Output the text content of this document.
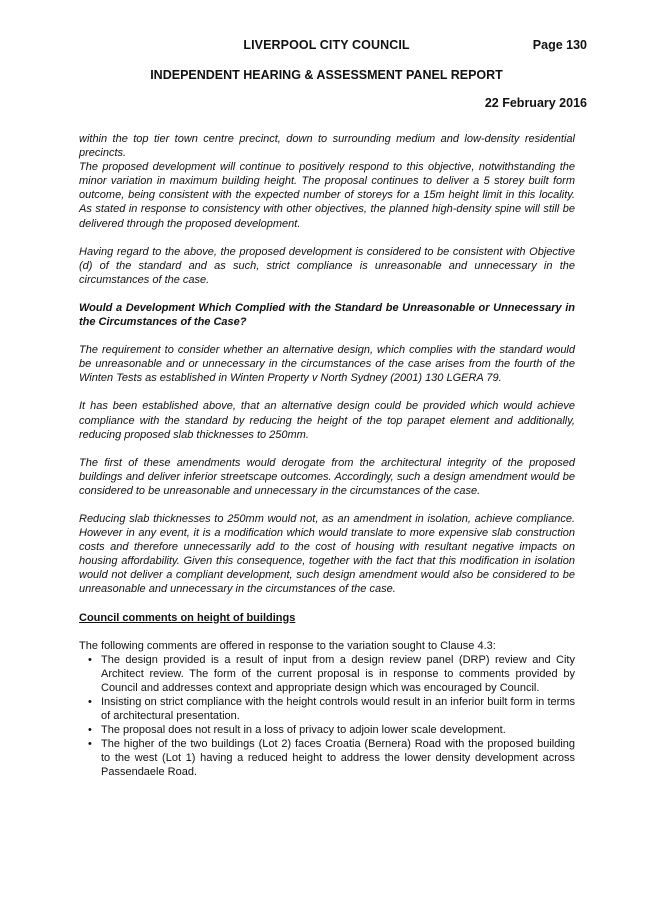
LIVERPOOL CITY COUNCIL	Page 130
INDEPENDENT HEARING & ASSESSMENT PANEL REPORT
22 February 2016

within the top tier town centre precinct, down to surrounding medium and low-density residential precincts.

The proposed development will continue to positively respond to this objective, notwithstanding the minor variation in maximum building height. The proposal continues to deliver a 5 storey built form outcome, being consistent with the expected number of storeys for a 15m height limit in this locality. As stated in response to consistency with other objectives, the planned high-density spine will still be delivered through the proposed development.

Having regard to the above, the proposed development is considered to be consistent with Objective (d) of the standard and as such, strict compliance is unreasonable and unnecessary in the circumstances of the case.

Would a Development Which Complied with the Standard be Unreasonable or Unnecessary in the Circumstances of the Case?

The requirement to consider whether an alternative design, which complies with the standard would be unreasonable and or unnecessary in the circumstances of the case arises from the fourth of the Winten Tests as established in Winten Property v North Sydney (2001) 130 LGERA 79.

It has been established above, that an alternative design could be provided which would achieve compliance with the standard by reducing the height of the top parapet element and additionally, reducing proposed slab thicknesses to 250mm.

The first of these amendments would derogate from the architectural integrity of the proposed buildings and deliver inferior streetscape outcomes. Accordingly, such a design amendment would be considered to be unreasonable and unnecessary in the circumstances of the case.

Reducing slab thicknesses to 250mm would not, as an amendment in isolation, achieve compliance. However in any event, it is a modification which would translate to more expensive slab construction costs and therefore unnecessarily add to the cost of housing with resultant negative impacts on housing affordability. Given this consequence, together with the fact that this modification in isolation would not deliver a compliant development, such design amendment would also be considered to be unreasonable and unnecessary in the circumstances of the case.

Council comments on height of buildings

The following comments are offered in response to the variation sought to Clause 4.3:

• The design provided is a result of input from a design review panel (DRP) review and City Architect review. The form of the current proposal is in response to comments provided by Council and addresses context and appropriate design which was encouraged by Council.
• Insisting on strict compliance with the height controls would result in an inferior built form in terms of architectural presentation.
• The proposal does not result in a loss of privacy to adjoin lower scale development.
• The higher of the two buildings (Lot 2) faces Croatia (Bernera) Road with the proposed building to the west (Lot 1) having a reduced height to address the lower density development across Passendaele Road.
